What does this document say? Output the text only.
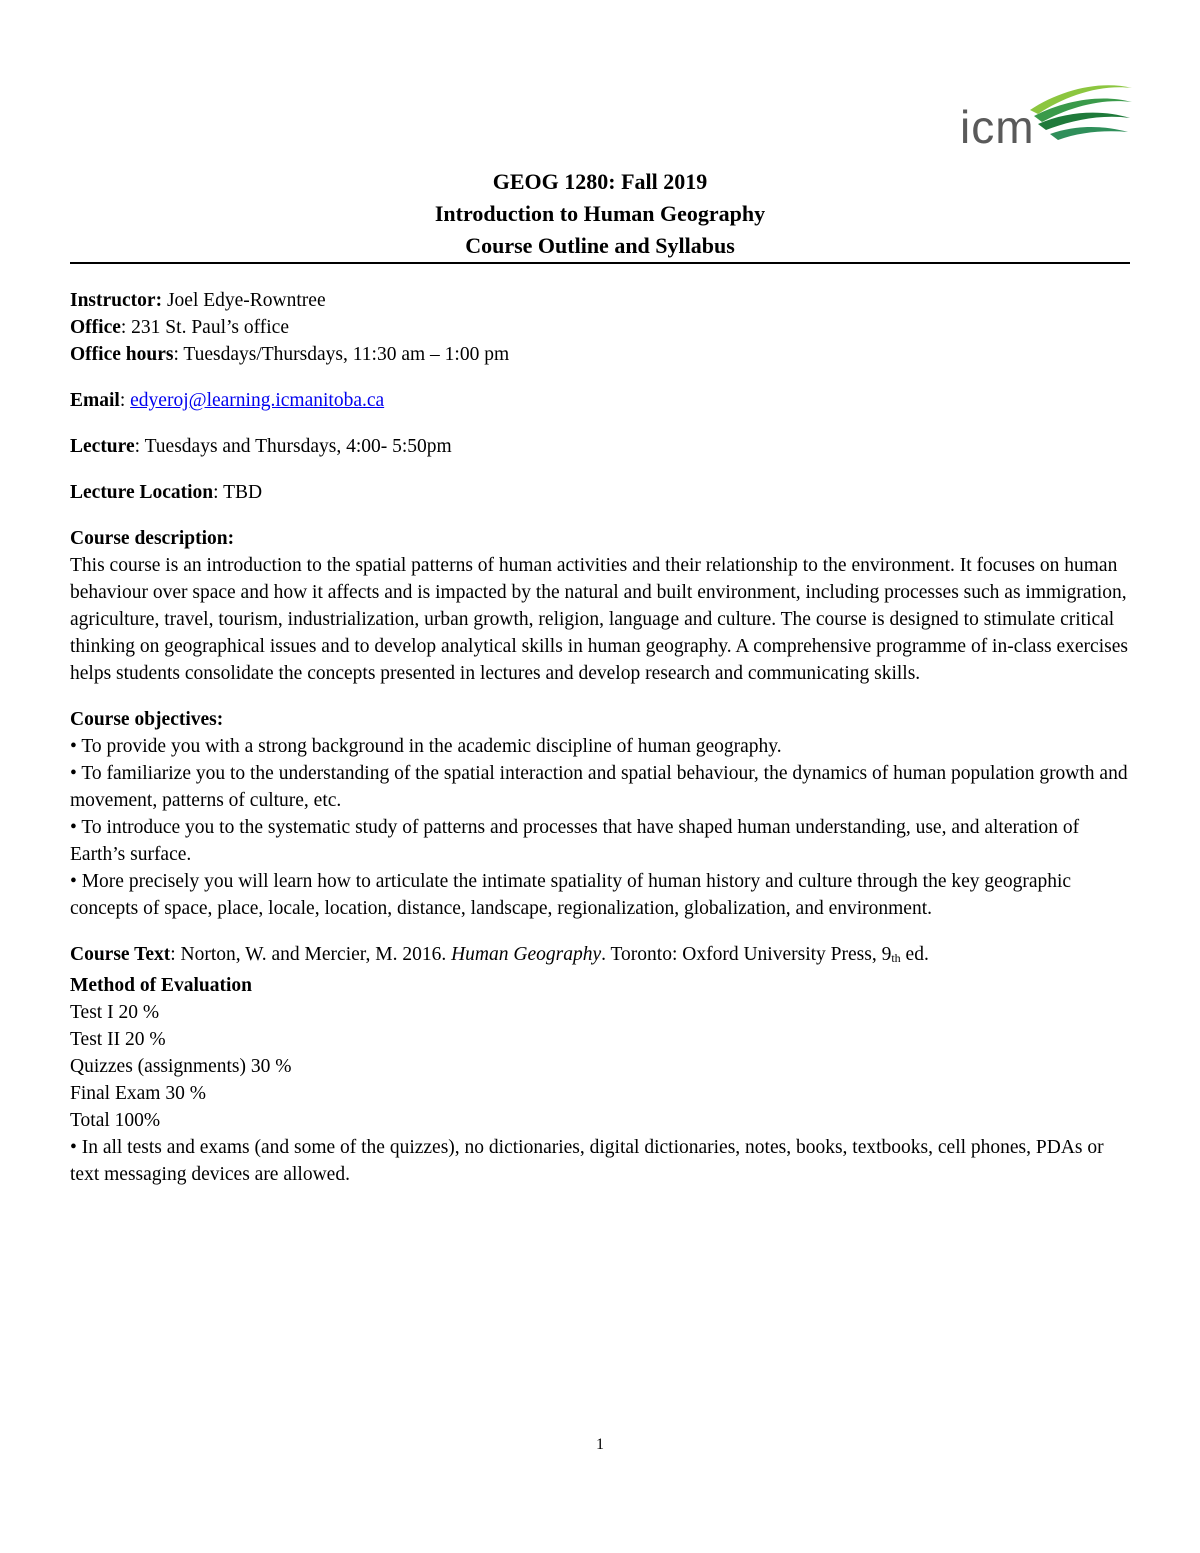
icm
GEOG 1280: Fall 2019
Introduction to Human Geography
Course Outline and Syllabus

Instructor: Joel Edye-Rowntree

Office: 231 St. Paul’s office

Office hours: Tuesdays/Thursdays, 11:30 am – 1:00 pm

Email: edyeroj@learning.icmanitoba.ca

Lecture: Tuesdays and Thursdays, 4:00- 5:50pm

Lecture Location: TBD

Course description:

This course is an introduction to the spatial patterns of human activities and their relationship to the environment. It focuses on human behaviour over space and how it affects and is impacted by the natural and built environment, including processes such as immigration, agriculture, travel, tourism, industrialization, urban growth, religion, language and culture. The course is designed to stimulate critical thinking on geographical issues and to develop analytical skills in human geography. A comprehensive programme of in-class exercises helps students consolidate the concepts presented in lectures and develop research and communicating skills.

Course objectives:

• To provide you with a strong background in the academic discipline of human geography.

• To familiarize you to the understanding of the spatial interaction and spatial behaviour, the dynamics of human population growth and movement, patterns of culture, etc.

• To introduce you to the systematic study of patterns and processes that have shaped human understanding, use, and alteration of Earth’s surface.

• More precisely you will learn how to articulate the intimate spatiality of human history and culture through the key geographic concepts of space, place, locale, location, distance, landscape, regionalization, globalization, and environment.

Course Text: Norton, W. and Mercier, M. 2016. Human Geography. Toronto: Oxford University Press, $9_{th}$ ed.

Method of Evaluation

Test I 20 %

Test II 20 %

Quizzes (assignments) 30 %

Final Exam 30 %

Total 100%

• In all tests and exams (and some of the quizzes), no dictionaries, digital dictionaries, notes, books, textbooks, cell phones, PDAs or text messaging devices are allowed.

1
